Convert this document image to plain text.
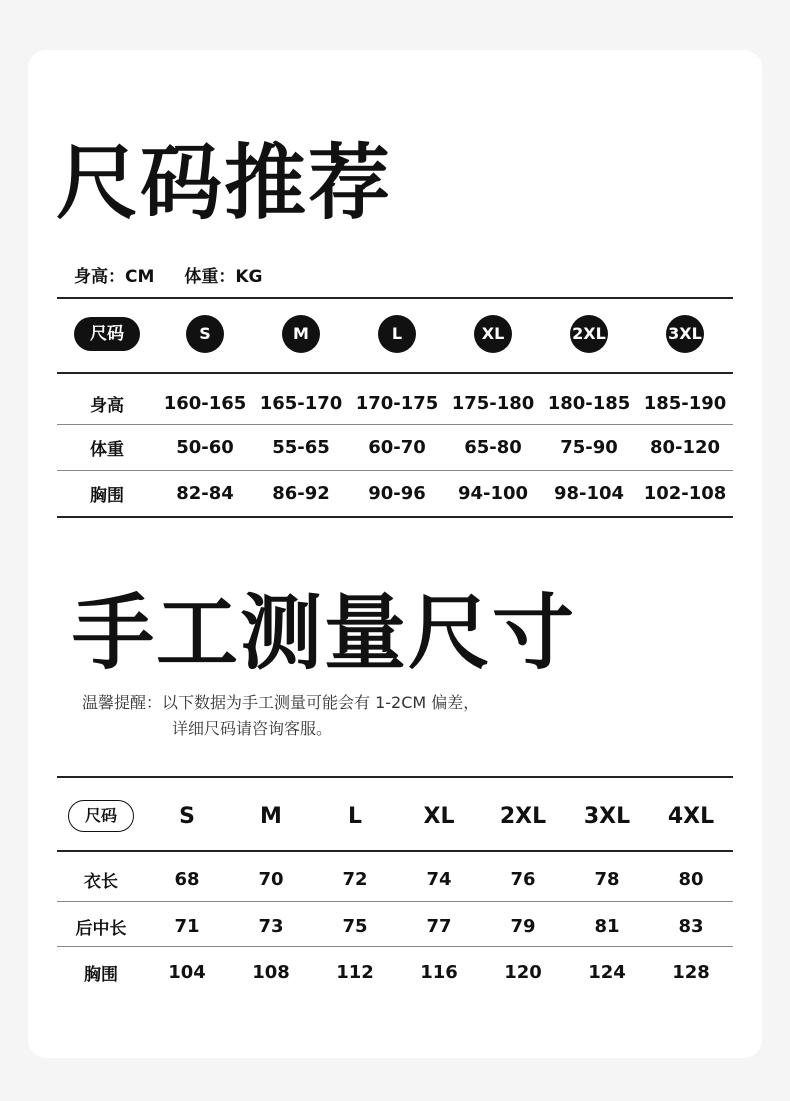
尺码推荐
身高：CM 体重：KG
尺码	S	M	L	XL	2XL	3XL
身高	160-165 165-170 170-175 175-180 180-185 185-190
体重	50-60	55-65	60-70	65-80	75-90	80-120
胸围	82-84	86-92	90-96	94-100	98-104	102-108
手工测量尺寸
温馨提醒：以下数据为手工测量可能会有 1-2CM 偏差，
详细尺码请咨询客服。
尺码	S	M	L	XL	2XL	3XL	4XL
衣长	68	70	72	74	76	78	80
后中长	71	73	75	77	79	81	83
胸围	104	108	112	116	120	124	128
